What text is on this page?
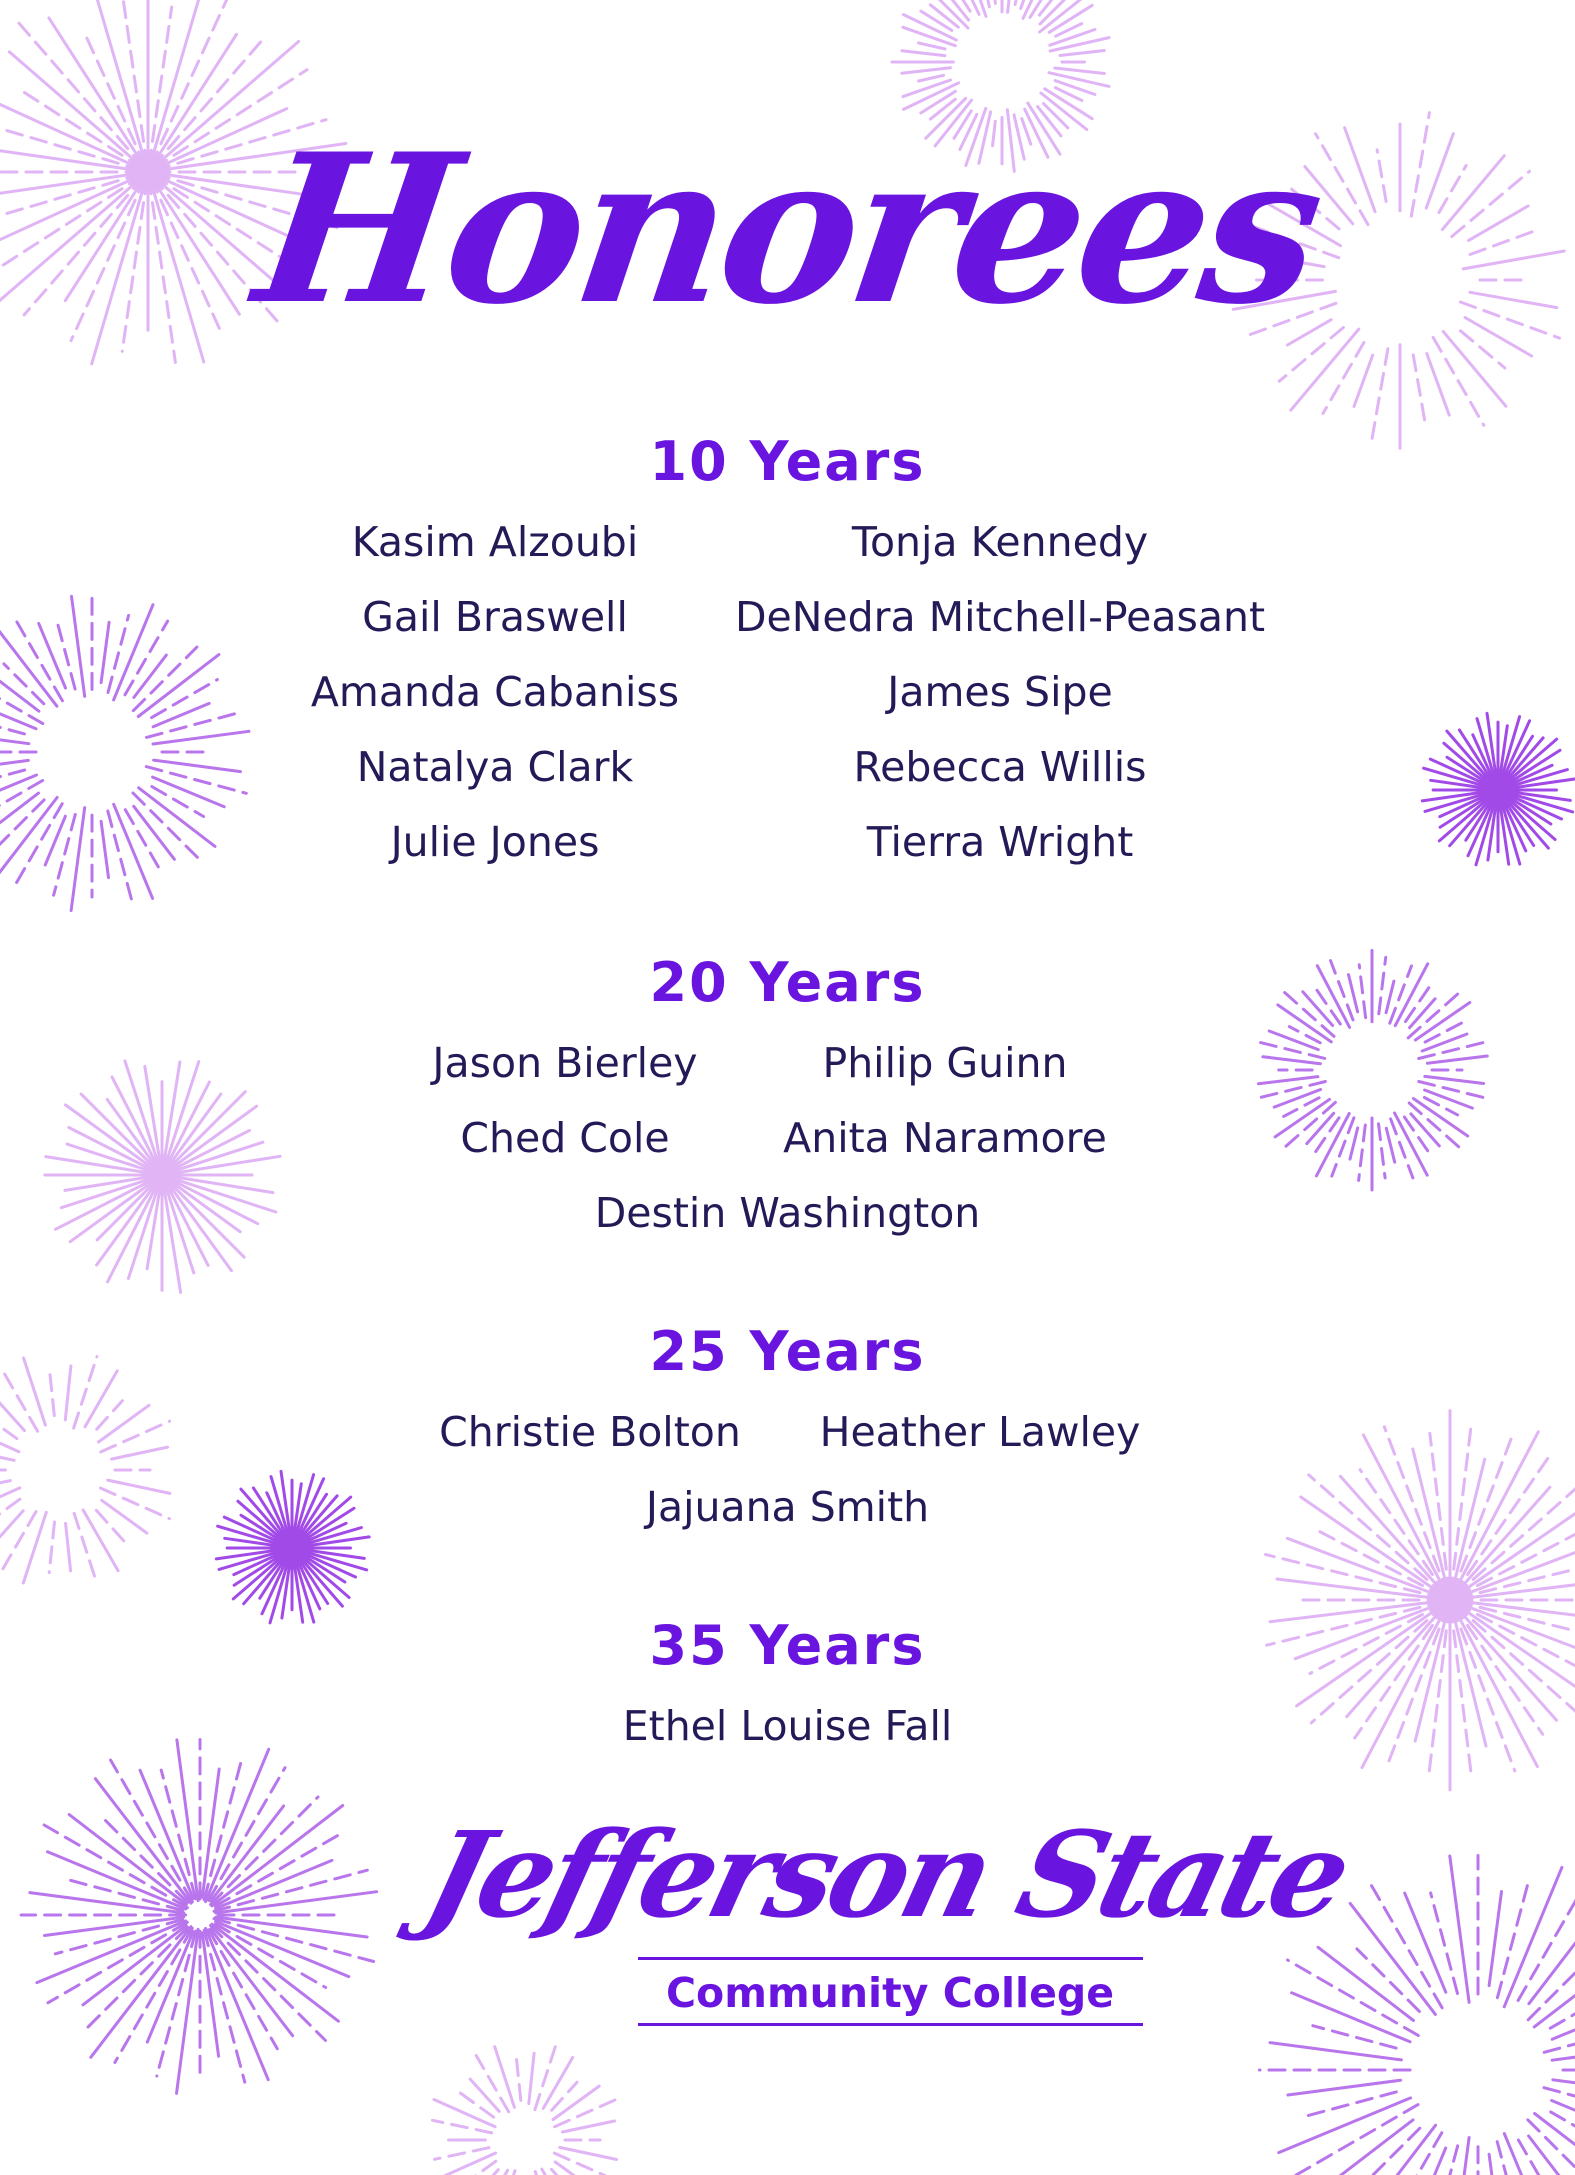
Honorees
10 Years
Kasim Alzoubi	Tonja Kennedy
Gail Braswell	DeNedra Mitchell-Peasant
Amanda Cabaniss	James Sipe
Natalya Clark	Rebecca Willis
Julie Jones	Tierra Wright
20 Years
Jason Bierley	Philip Guinn
Ched Cole	Anita Naramore
Destin Washington
25 Years
Christie Bolton	Heather Lawley
Jajuana Smith
35 Years
Ethel Louise Fall
Jefferson State
Community College
